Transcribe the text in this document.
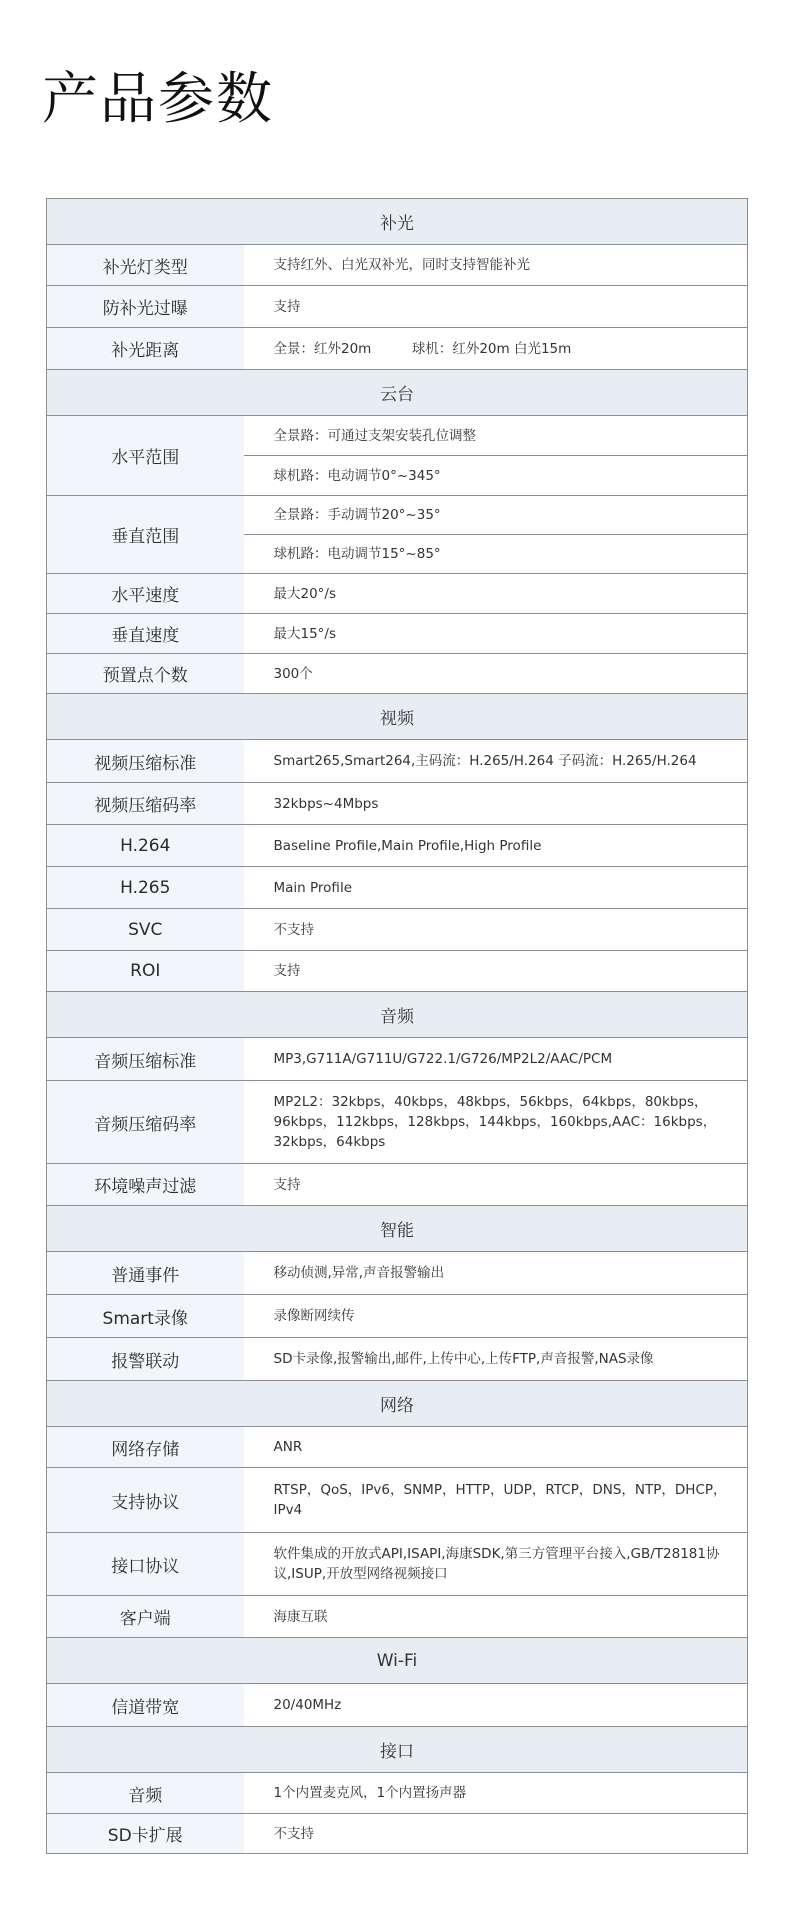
产品参数
补光	
补光灯类型	支持红外、白光双补光，同时支持智能补光
防补光过曝	支持
补光距离	全景：红外20m　　　球机：红外20m 白光15m
云台	
水平范围	全景路：可通过支架安装孔位调整
	球机路：电动调节0°~345°
垂直范围	全景路：手动调节20°~35°
	球机路：电动调节15°~85°
水平速度	最大20°/s
垂直速度	最大15°/s
预置点个数	300个
视频	
视频压缩标准	Smart265,Smart264,主码流：H.265/H.264 子码流：H.265/H.264
视频压缩码率	32kbps~4Mbps
H.264	Baseline Profile,Main Profile,High Profile
H.265	Main Profile
SVC	不支持
ROI	支持
音频	
音频压缩标准	MP3,G711A/G711U/G722.1/G726/MP2L2/AAC/PCM
音频压缩码率	MP2L2：32kbps，40kbps，48kbps，56kbps，64kbps，80kbps，96kbps，112kbps，128kbps，144kbps，160kbps,AAC：16kbps，32kbps，64kbps
环境噪声过滤	支持
智能	
普通事件	移动侦测,异常,声音报警输出
Smart录像	录像断网续传
报警联动	SD卡录像,报警输出,邮件,上传中心,上传FTP,声音报警,NAS录像
网络	
网络存储	ANR
支持协议	RTSP，QoS，IPv6，SNMP，HTTP，UDP，RTCP，DNS，NTP，DHCP，IPv4
接口协议	软件集成的开放式API,ISAPI,海康SDK,第三方管理平台接入,GB/T28181协议,ISUP,开放型网络视频接口
客户端	海康互联
Wi-Fi	
信道带宽	20/40MHz
接口	
音频	1个内置麦克风，1个内置扬声器
SD卡扩展	不支持
